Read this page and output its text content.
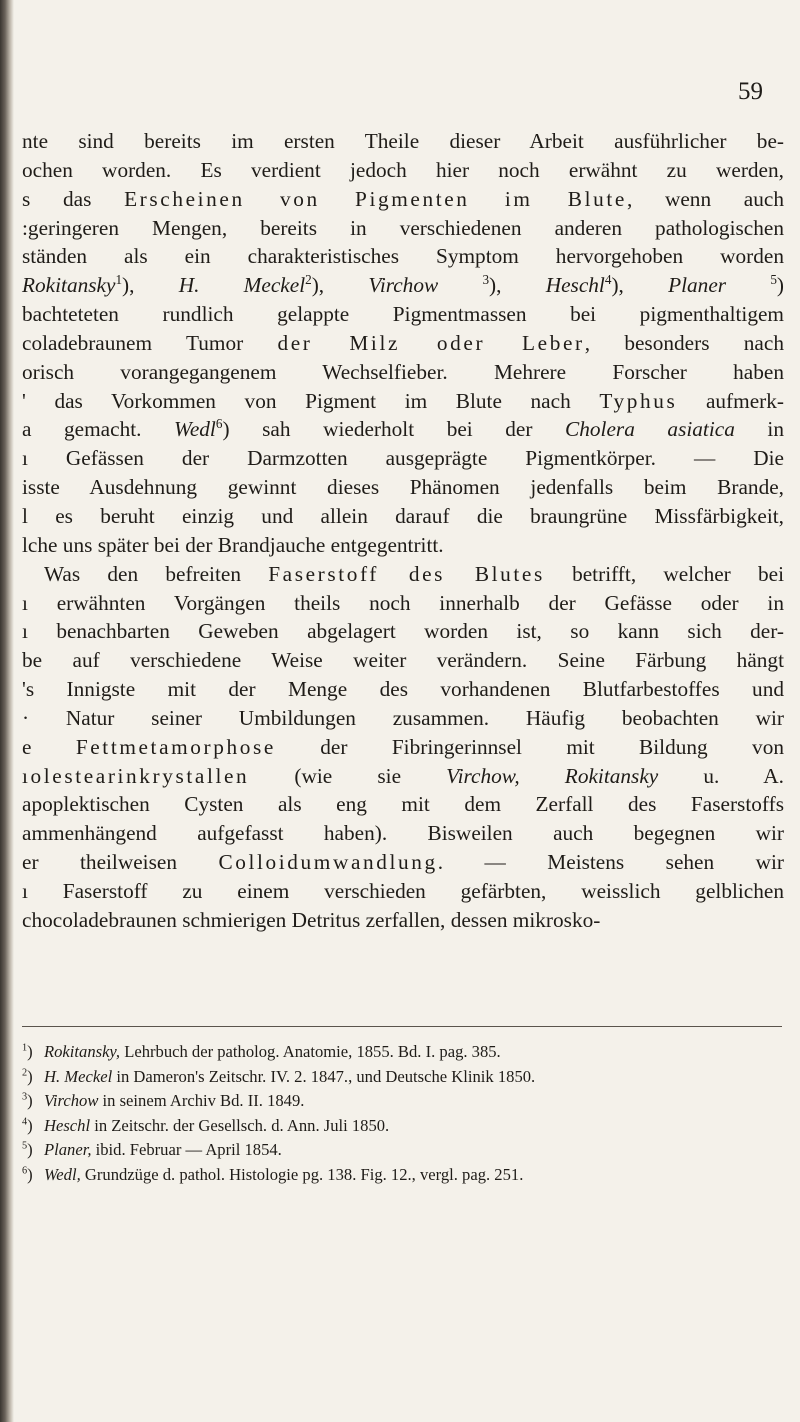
59
nte sind bereits im ersten Theile dieser Arbeit ausführlicher be-
ochen worden. Es verdient jedoch hier noch erwähnt zu werden,
s das Erscheinen von Pigmenten im Blute, wenn auch
:geringeren Mengen, bereits in verschiedenen anderen pathologischen
ständen als ein charakteristisches Symptom hervorgehoben worden
Rokitansky$^1$), H. Meckel$^2$), Virchow	$^3$), Heschl$^4$), Planer	$^5$)
bachteteten rundlich gelappte Pigmentmassen bei pigmenthaltigem
coladebraunem Tumor der Milz oder Leber, besonders nach
orisch vorangegangenem Wechselfieber. Mehrere Forscher haben
' das Vorkommen von Pigment im Blute nach Typhus aufmerk-
a gemacht. Wedl$^6$) sah wiederholt bei der Cholera asiatica in
ı Gefässen der Darmzotten ausgeprägte Pigmentkörper. — Die
isste Ausdehnung gewinnt dieses Phänomen jedenfalls beim Brande,
l es beruht einzig und allein darauf die braungrüne Missfärbigkeit,
lche uns später bei der Brandjauche entgegentritt.
Was den befreiten Faserstoff des Blutes betrifft, welcher bei
ı erwähnten Vorgängen theils noch innerhalb der Gefässe oder in
ı benachbarten Geweben abgelagert worden ist, so kann sich der-
be auf verschiedene Weise weiter verändern. Seine Färbung hängt
's Innigste mit der Menge des vorhandenen Blutfarbestoffes und
· Natur seiner Umbildungen zusammen. Häufig beobachten wir
e Fettmetamorphose der Fibringerinnsel mit Bildung von
ıolestearinkrystallen (wie sie Virchow, Rokitansky u. A.
apoplektischen Cysten als eng mit dem Zerfall des Faserstoffs
ammenhängend aufgefasst haben). Bisweilen auch begegnen wir
er theilweisen Colloidumwandlung. — Meistens sehen wir
ı Faserstoff zu einem verschieden gefärbten, weisslich gelblichen
chocoladebraunen schmierigen Detritus zerfallen, dessen mikrosko-
$^1$) Rokitansky, Lehrbuch der patholog. Anatomie, 1855. Bd. I. pag. 385.
$^2$) H. Meckel in Dameron's Zeitschr. IV. 2. 1847., und Deutsche Klinik 1850.
$^3$) Virchow in seinem Archiv Bd. II. 1849.
$^4$) Heschl in Zeitschr. der Gesellsch. d. Ann. Juli 1850.
$^5$) Planer, ibid. Februar — April 1854.
$^6$) Wedl, Grundzüge d. pathol. Histologie pg. 138. Fig. 12., vergl. pag. 251.
